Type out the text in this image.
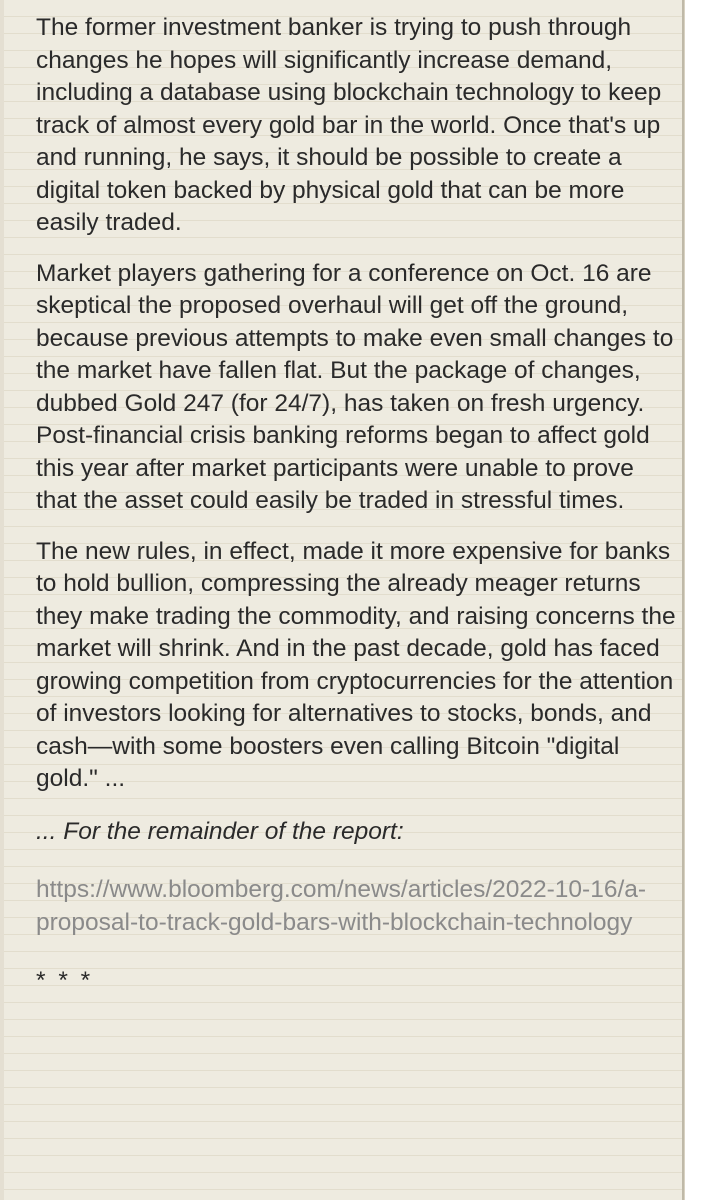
The former investment banker is trying to push through changes he hopes will significantly increase demand, including a database using blockchain technology to keep track of almost every gold bar in the world. Once that's up and running, he says, it should be possible to create a digital token backed by physical gold that can be more easily traded.

Market players gathering for a conference on Oct. 16 are skeptical the proposed overhaul will get off the ground, because previous attempts to make even small changes to the market have fallen flat. But the package of changes, dubbed Gold 247 (for 24/7), has taken on fresh urgency. Post-financial crisis banking reforms began to affect gold this year after market participants were unable to prove that the asset could easily be traded in stressful times.

The new rules, in effect, made it more expensive for banks to hold bullion, compressing the already meager returns they make trading the commodity, and raising concerns the market will shrink. And in the past decade, gold has faced growing competition from cryptocurrencies for the attention of investors looking for alternatives to stocks, bonds, and cash—with some boosters even calling Bitcoin "digital gold." ...

... For the remainder of the report:

https://www.bloomberg.com/news/articles/2022-10-16/a-proposal-to-track-gold-bars-with-blockchain-technology

* * *
